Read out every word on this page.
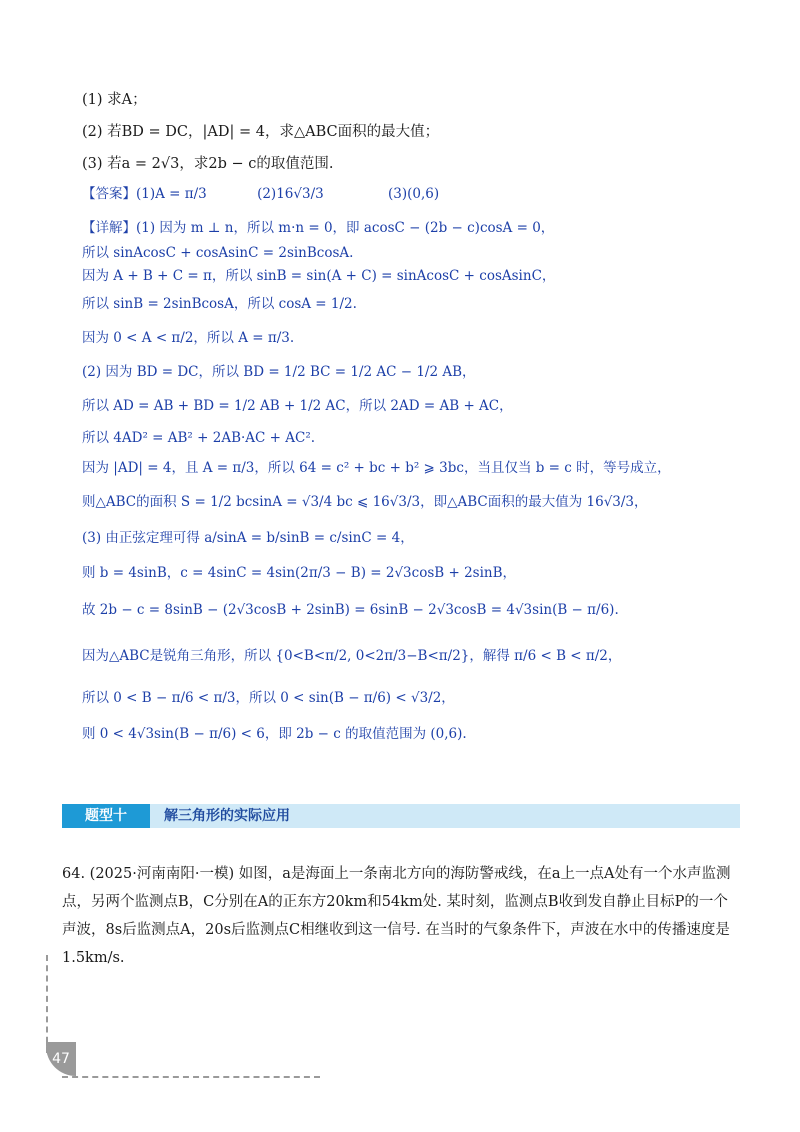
(1) 求A；
(2) 若BD = DC，|AD| = 4，求△ABC面积的最大值；
(3) 若a = 2√3，求2b − c的取值范围.
【答案】(1)A = π/3	(2)16√3/3	(3)(0,6)
【详解】(1) 因为 m ⊥ n，所以 m·n = 0，即 acosC − (2b − c)cosA = 0，
所以 sinAcosC + cosAsinC = 2sinBcosA.
因为 A + B + C = π，所以 sinB = sin(A + C) = sinAcosC + cosAsinC，
所以 sinB = 2sinBcosA，所以 cosA = 1/2.
因为 0 < A < π/2，所以 A = π/3.
(2) 因为 BD = DC，所以 BD = 1/2 BC = 1/2 AC − 1/2 AB，
所以 AD = AB + BD = 1/2 AB + 1/2 AC，所以 2AD = AB + AC，
所以 4AD² = AB² + 2AB·AC + AC².
因为 |AD| = 4，且 A = π/3，所以 64 = c² + bc + b² ⩾ 3bc，当且仅当 b = c 时，等号成立，
则△ABC的面积 S = 1/2 bcsinA = √3/4 bc ⩽ 16√3/3，即△ABC面积的最大值为 16√3/3，
(3) 由正弦定理可得 a/sinA = b/sinB = c/sinC = 4，
则 b = 4sinB，c = 4sinC = 4sin(2π/3 − B) = 2√3cosB + 2sinB，
故 2b − c = 8sinB − (2√3cosB + 2sinB) = 6sinB − 2√3cosB = 4√3sin(B − π/6).
因为△ABC是锐角三角形，所以 {0<B<π/2, 0<2π/3−B<π/2}，解得 π/6 < B < π/2，
所以 0 < B − π/6 < π/3，所以 0 < sin(B − π/6) < √3/2，
则 0 < 4√3sin(B − π/6) < 6，即 2b − c 的取值范围为 (0,6).
题型十	解三角形的实际应用

64. (2025·河南南阳·一模) 如图，a是海面上一条南北方向的海防警戒线，在a上一点A处有一个水声监测点，另两个监测点B，C分别在A的正东方20km和54km处. 某时刻，监测点B收到发自静止目标P的一个声波，8s后监测点A，20s后监测点C相继收到这一信号. 在当时的气象条件下，声波在水中的传播速度是1.5km/s.

47
